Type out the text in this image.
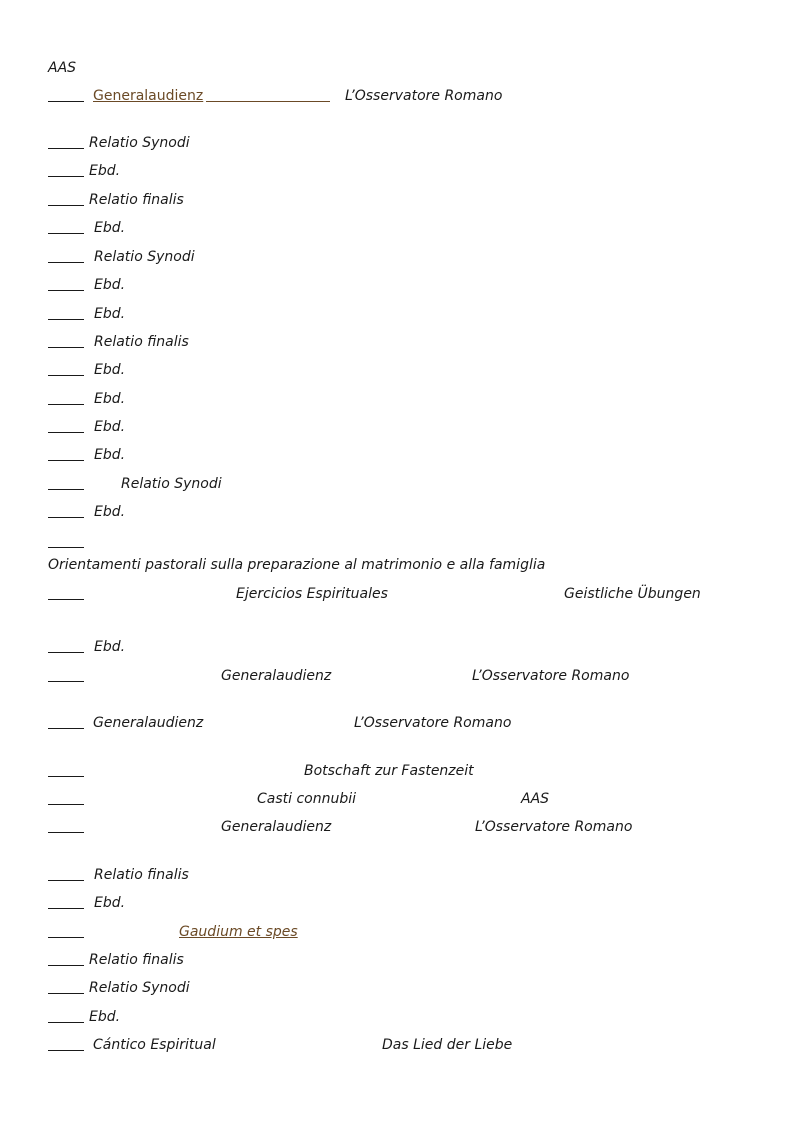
AAS
Generalaudienz	L’Osservatore Romano
Relatio Synodi
Ebd.
Relatio finalis
Ebd.
Relatio Synodi
Ebd.
Ebd.
Relatio finalis
Ebd.
Ebd.
Ebd.
Ebd.
Relatio Synodi
Ebd.
Orientamenti pastorali sulla preparazione al matrimonio e alla famiglia
Ejercicios Espirituales	Geistliche Übungen
Ebd.
Generalaudienz	L’Osservatore Romano
Generalaudienz	L’Osservatore Romano
Botschaft zur Fastenzeit
Casti connubii	AAS
Generalaudienz	L’Osservatore Romano
Relatio finalis
Ebd.
Gaudium et spes
Relatio finalis
Relatio Synodi
Ebd.
Cántico Espiritual	Das Lied der Liebe
